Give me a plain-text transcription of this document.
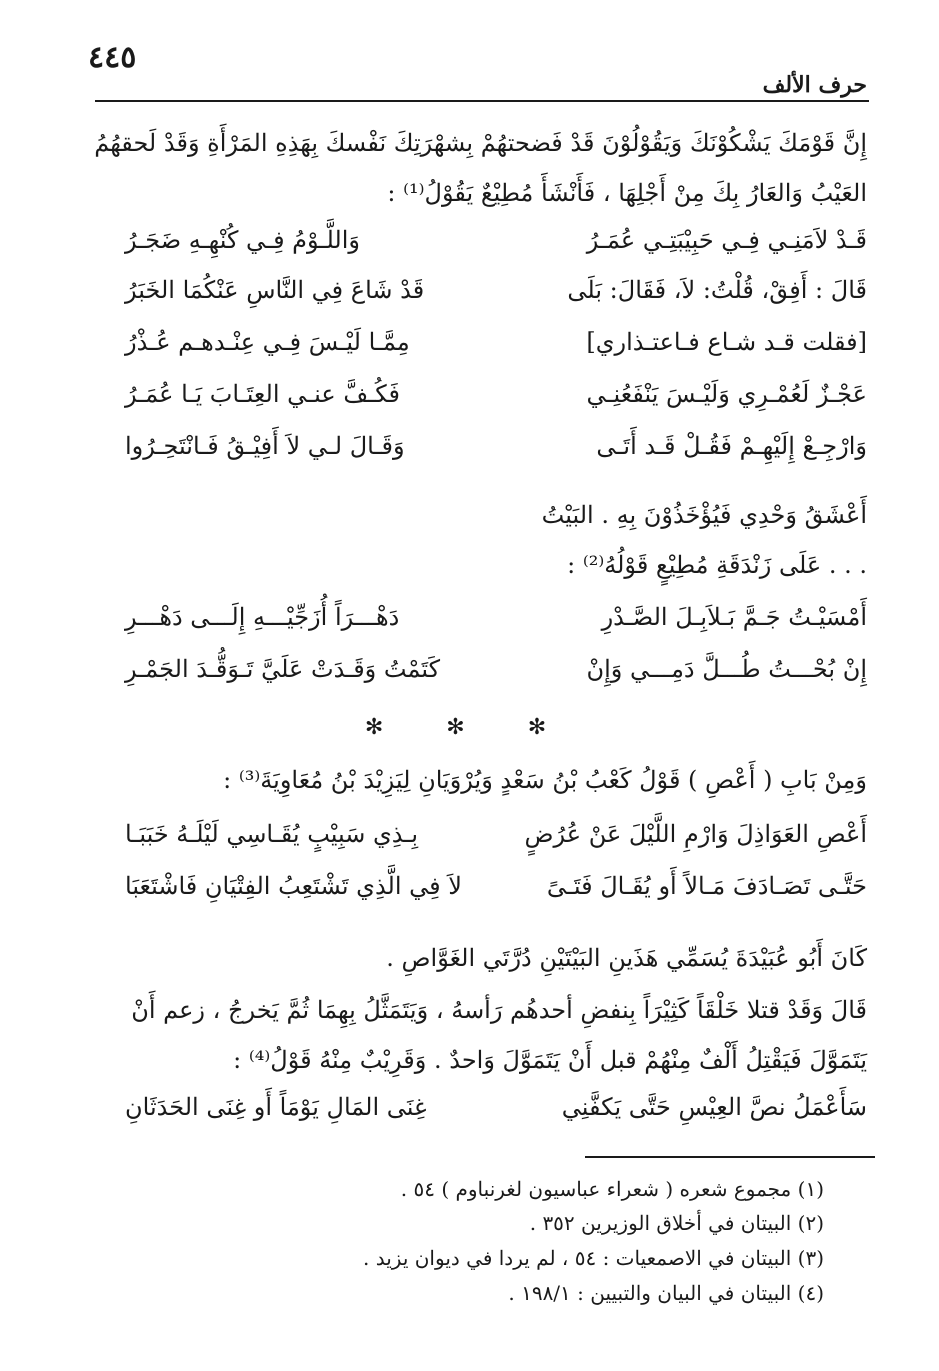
٤٤٥
حرف الألف
إِنَّ قَوْمَكَ يَشْكُوْنَكَ وَيَقُوْلُوْنَ قَدْ فَضحتهُمْ بِشهْرَتِكَ نَفْسكَ بِهَذِهِ المَرْأَةِ وَقَدْ لَحقهُمُ
العَيْبُ وَالعَارُ بِكَ مِنْ أَجْلِهَا ، فَأَنْشَأَ مُطِيْعٌ يَقُوْلُ⁽¹⁾ :
قَـدْ لاَمَنِـي فِـي حَبِيْبَتِـي عُمَـرُ
وَاللَّـوْمُ فِـي كُنْهِـهِ ضَجَـرُ
قَالَ : أَفِقْ، قُلْتُ: لاَ، فَقَالَ: بَلَى
قَدْ شَاعَ فِي النَّاسِ عَنْكُمَا الخَبَرُ
[فقلت قـد شـاع فـاعتـذاري]
مِمَّـا لَيْـسَ فِـي عِنْـدهـم عُـذْرُ
عَجْـزٌ لَعُمْـرِي وَلَيْـسَ يَنْفَعُنِـي
فَكُـفَّ عنـي العِتَـابَ يَـا عُمَـرُ
وَارْجِـعْ إِلَيْهِـمْ فَقُـلْ قَـد أَتَـى
وَقَـالَ لـي لاَ أَفِيْـقُ فَـانْتَحِـرُوا
أَعْشَقُ وَحْدِي فَيُؤْخَذُوْنَ بِهِ . البَيْتُ
. . . عَلَى زَنْدَقَةِ مُطِيْعٍ قَوْلُهُ⁽²⁾ :
أَمْسَيْـتُ جَـمَّ بَـلاَبِـلَ الصَّـدْرِ
دَهْـــرَاً أُزَجِّيْـــهِ إِلَـــى دَهْـــرِ
إِنْ بُحْـــتُ طُـــلَّ دَمِـــي وَإِنْ
كَتَمْتُ وَقَـدَتْ عَلَيَّ تَـوَقُّـدَ الجَمْـرِ
✻ ✻ ✻
وَمِنْ بَابِ ( أَعْصِ ) قَوْلُ كَعْبُ بْنُ سَعْدٍ وَيُرْوَيَانِ لِيَزِيْدَ بْنُ مُعَاوِيَةَ⁽³⁾ :
أَعْصِ العَوَاذِلَ وَارْمِ اللَّيْلَ عَنْ عُرُضٍ
بِـذِي سَبِيْبٍ يُقَـاسِي لَيْلَـهُ خَبَبَـا
حَتَّـى تَصَـادَفَ مَـالاً أَو يُقَـالَ فَتَـىً
لاَ فِي الَّذِي تَشْتَعِبُ الفِتْيَانِ فَاشْتَعَبَا
كَانَ أَبُو عُبَيْدَةَ يُسَمِّي هَذَينِ البَيْتَيْنِ دُرَّتَي الغَوَّاصِ .
قَالَ وَقَدْ قتلا خَلْقَاً كَثِيْرَاً بِنفضِ أحدهُم رَأسهُ ، وَيَتَمَثَّلُ بِهِمَا ثُمَّ يَخرجُ ، زعم أَنْ
يَتَمَوَّلَ فَيَقْتِلُ أَلْفٌ مِنْهُمْ قبل أَنْ يَتَمَوَّلَ وَاحدٌ . وَقَرِيْبٌ مِنْهُ قَوْلُ⁽⁴⁾ :
سَأَعْمَلُ نصَّ العِيْسِ حَتَّى يَكفَّنِي
غِنَى المَالِ يَوْمَاً أَو غِنَى الحَدَثَانِ
(١) مجموع شعره ( شعراء عباسيون لغرنباوم ) ٥٤ .
(٢) البيتان في أخلاق الوزيرين ٣٥٢ .
(٣) البيتان في الاصمعيات : ٥٤ ، لم يردا في ديوان يزيد .
(٤) البيتان في البيان والتبيين : ١٩٨/١ .
